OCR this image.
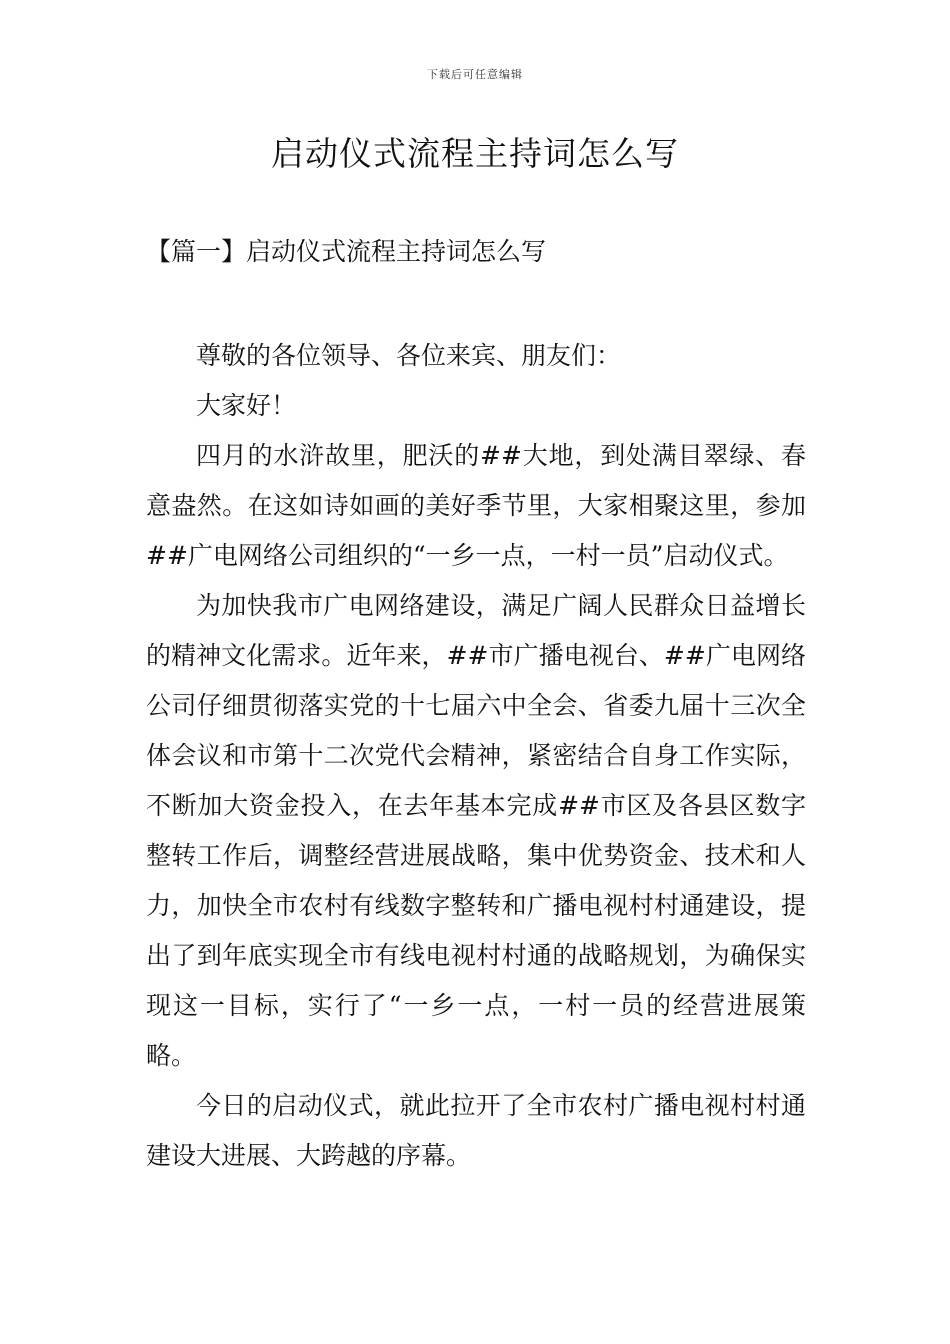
下载后可任意编辑
启动仪式流程主持词怎么写
【篇一】启动仪式流程主持词怎么写

尊敬的各位领导、各位来宾、朋友们：

大家好！

四月的水浒故里，肥沃的##大地，到处满目翠绿、春意盎然。在这如诗如画的美好季节里，大家相聚这里，参加##广电网络公司组织的“一乡一点，一村一员”启动仪式。

为加快我市广电网络建设，满足广阔人民群众日益增长的精神文化需求。近年来，##市广播电视台、##广电网络公司仔细贯彻落实党的十七届六中全会、省委九届十三次全体会议和市第十二次党代会精神，紧密结合自身工作实际，不断加大资金投入，在去年基本完成##市区及各县区数字整转工作后，调整经营进展战略，集中优势资金、技术和人力，加快全市农村有线数字整转和广播电视村村通建设，提出了到年底实现全市有线电视村村通的战略规划，为确保实现这一目标，实行了“一乡一点，一村一员的经营进展策略。

今日的启动仪式，就此拉开了全市农村广播电视村村通建设大进展、大跨越的序幕。
